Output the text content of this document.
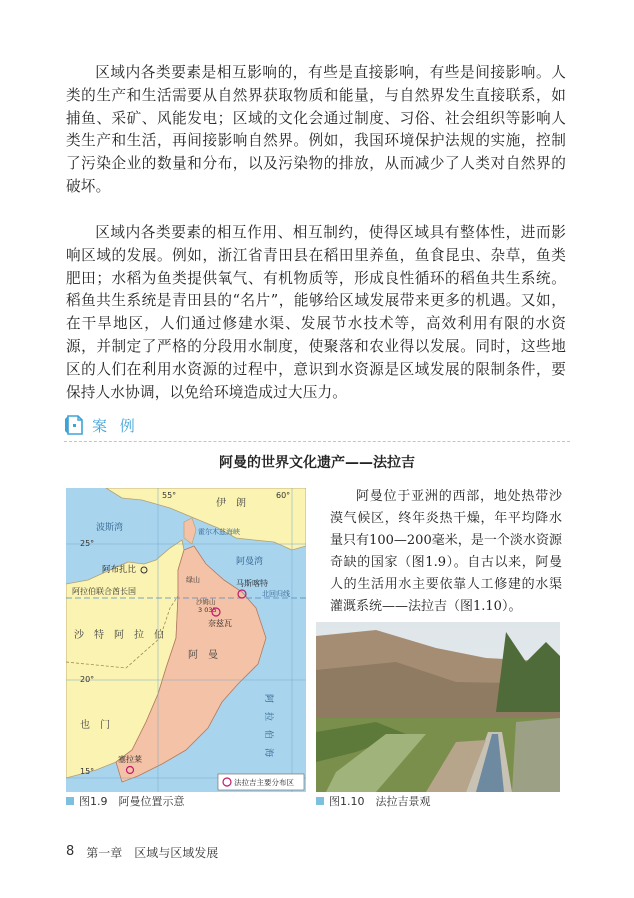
区域内各类要素是相互影响的，有些是直接影响，有些是间接影响。人类的生产和生活需要从自然界获取物质和能量，与自然界发生直接联系，如捕鱼、采矿、风能发电；区域的文化会通过制度、习俗、社会组织等影响人类生产和生活，再间接影响自然界。例如，我国环境保护法规的实施，控制了污染企业的数量和分布，以及污染物的排放，从而减少了人类对自然界的破坏。

区域内各类要素的相互作用、相互制约，使得区域具有整体性，进而影响区域的发展。例如，浙江省青田县在稻田里养鱼，鱼食昆虫、杂草，鱼类肥田；水稻为鱼类提供氧气、有机物质等，形成良性循环的稻鱼共生系统。稻鱼共生系统是青田县的“名片”，能够给区域发展带来更多的机遇。又如，在干旱地区，人们通过修建水渠、发展节水技术等，高效利用有限的水资源，并制定了严格的分段用水制度，使聚落和农业得以发展。同时，这些地区的人们在利用水资源的过程中，意识到水资源是区域发展的限制条件，要保持人水协调，以免给环境造成过大压力。

案 例
阿曼的世界文化遗产——法拉吉
25°
20°
15°
55°	60°
伊　朗
波斯湾	霍尔木兹海峡
阿曼湾
阿布扎比
阿拉伯联合酋长国
马斯喀特
绿山
沙姆山
3 035
奈兹瓦
沙　特　阿　拉　伯
阿　曼
也　门
塞拉莱
阿　拉　伯　海
北回归线
法拉吉主要分布区
图1.9　阿曼位置示意

阿曼位于亚洲的西部，地处热带沙漠气候区，终年炎热干燥，年平均降水量只有100—200毫米，是一个淡水资源奇缺的国家（图1.9）。自古以来，阿曼人的生活用水主要依靠人工修建的水渠灌溉系统——法拉吉（图1.10）。

图1.10　法拉吉景观
8 第一章　区域与区域发展
